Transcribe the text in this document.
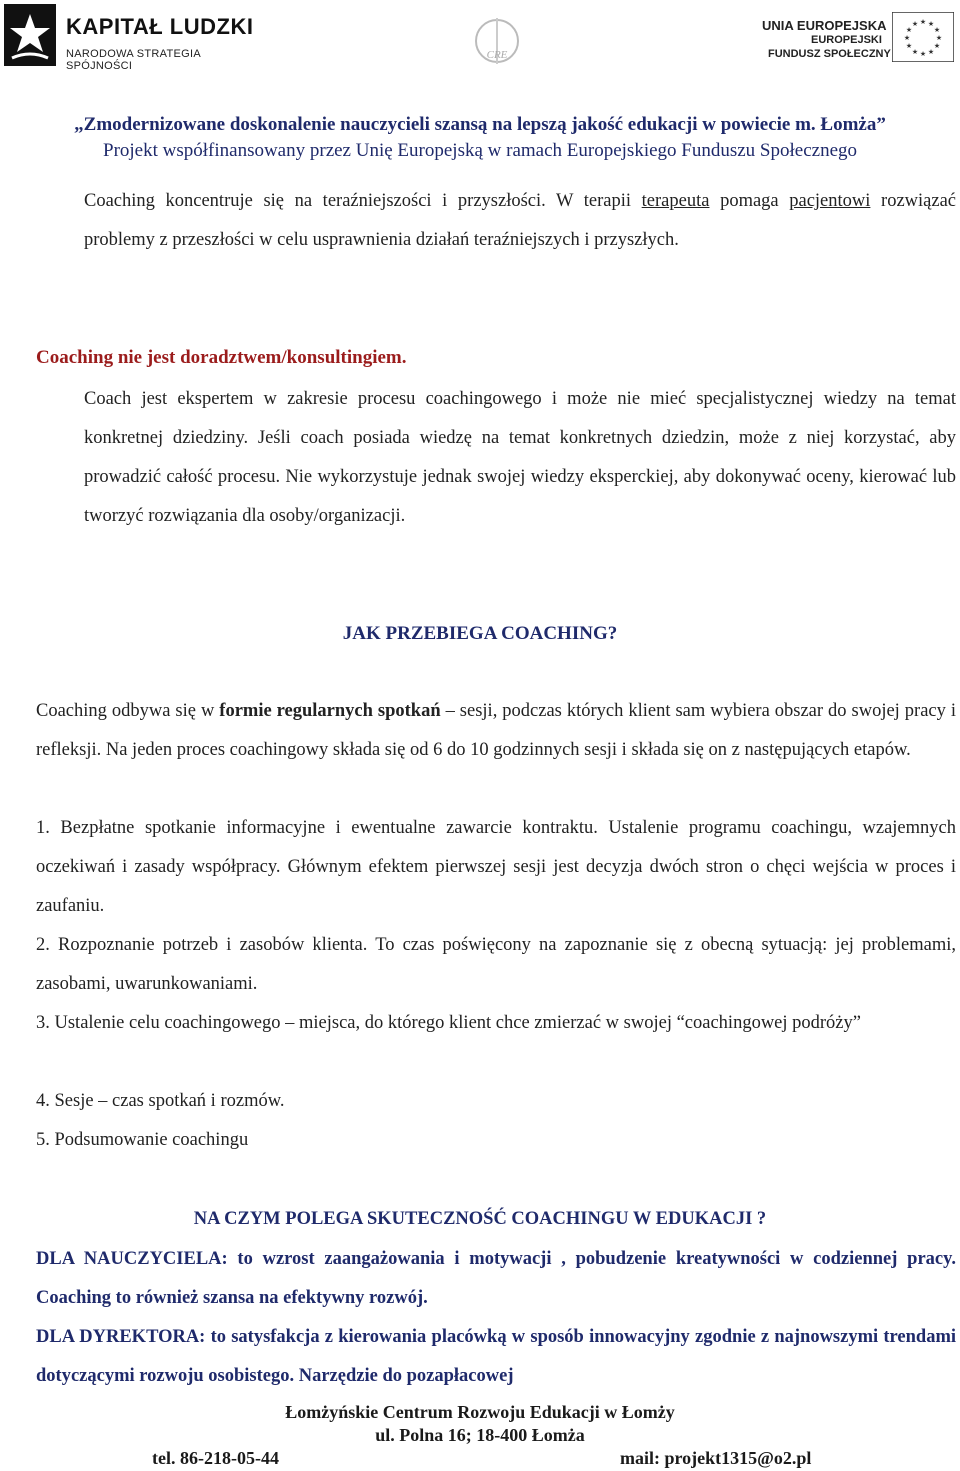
KAPITAŁ LUDZKI
NARODOWA STRATEGIA SPÓJNOŚCI
CRE
UNIA EUROPEJSKA
EUROPEJSKI
FUNDUSZ SPOŁECZNY
★ ★
★
★
★
★
★
★
★
★
★
★
„Zmodernizowane doskonalenie nauczycieli szansą na lepszą jakość edukacji w powiecie m. Łomża”
Projekt współfinansowany przez Unię Europejską w ramach Europejskiego Funduszu Społecznego
Coaching koncentruje się na teraźniejszości i przyszłości. W terapii terapeuta pomaga pacjentowi rozwiązać problemy z przeszłości w celu usprawnienia działań teraźniejszych i przyszłych.
Coaching nie jest doradztwem/konsultingiem.
Coach jest ekspertem w zakresie procesu coachingowego i może nie mieć specjalistycznej wiedzy na temat konkretnej dziedziny. Jeśli coach posiada wiedzę na temat konkretnych dziedzin, może z niej korzystać, aby prowadzić całość procesu. Nie wykorzystuje jednak swojej wiedzy eksperckiej, aby dokonywać oceny, kierować lub tworzyć rozwiązania dla osoby/organizacji.
JAK PRZEBIEGA COACHING?
Coaching odbywa się w formie regularnych spotkań – sesji, podczas których klient sam wybiera obszar do swojej pracy i refleksji. Na jeden proces coachingowy składa się od 6 do 10 godzinnych sesji i składa się on z następujących etapów.
1. Bezpłatne spotkanie informacyjne i ewentualne zawarcie kontraktu. Ustalenie programu coachingu, wzajemnych oczekiwań i zasady współpracy. Głównym efektem pierwszej sesji jest decyzja dwóch stron o chęci wejścia w proces i zaufaniu.
2. Rozpoznanie potrzeb i zasobów klienta. To czas poświęcony na zapoznanie się z obecną sytuacją: jej problemami, zasobami, uwarunkowaniami.
3. Ustalenie celu coachingowego – miejsca, do którego klient chce zmierzać w swojej “coachingowej podróży”
4. Sesje – czas spotkań i rozmów.
5. Podsumowanie coachingu
NA CZYM POLEGA SKUTECZNOŚĆ COACHINGU W EDUKACJI ?
DLA NAUCZYCIELA: to wzrost zaangażowania i motywacji , pobudzenie kreatywności w codziennej pracy. Coaching to również szansa na efektywny rozwój.
DLA DYREKTORA: to satysfakcja z kierowania placówką w sposób innowacyjny zgodnie z najnowszymi trendami dotyczącymi rozwoju osobistego. Narzędzie do pozapłacowej
Łomżyńskie Centrum Rozwoju Edukacji w Łomży
ul. Polna 16; 18-400 Łomża
tel. 86-218-05-44	mail: projekt1315@o2.pl
